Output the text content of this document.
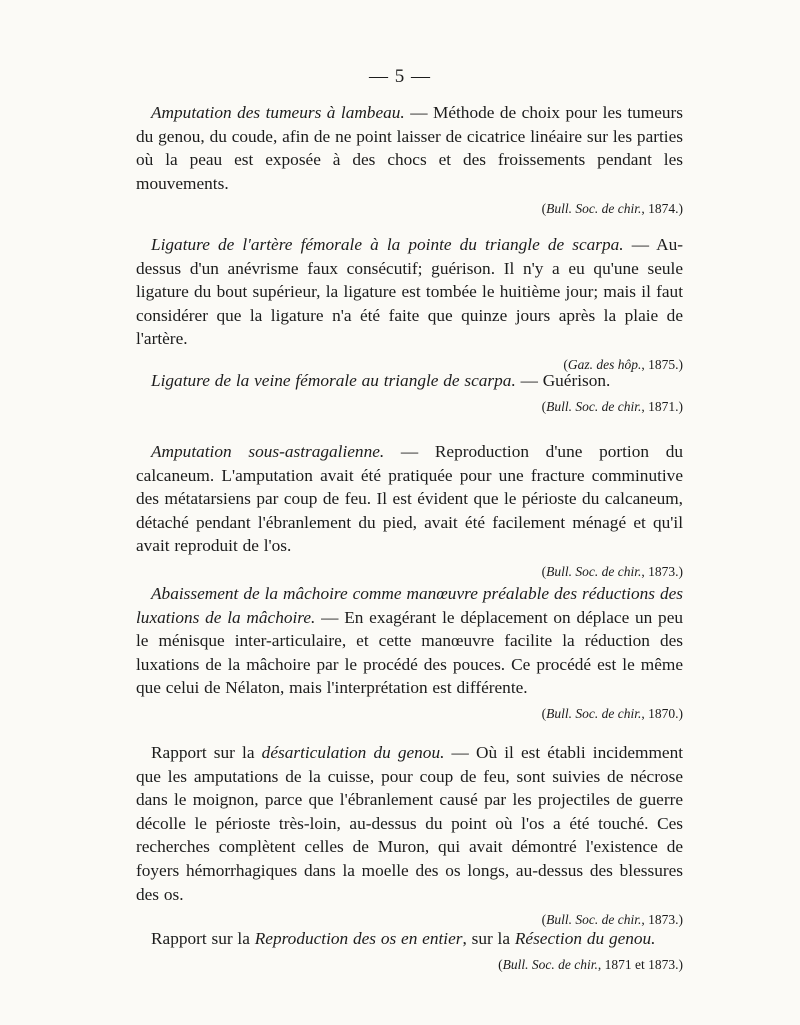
— 5 —

Amputation des tumeurs à lambeau. — Méthode de choix pour les tumeurs du genou, du coude, afin de ne point laisser de cicatrice linéaire sur les parties où la peau est exposée à des chocs et des froissements pendant les mouvements.

(Bull. Soc. de chir., 1874.)

Ligature de l'artère fémorale à la pointe du triangle de scarpa. — Au-dessus d'un anévrisme faux consécutif; guérison. Il n'y a eu qu'une seule ligature du bout supérieur, la ligature est tombée le huitième jour; mais il faut considérer que la ligature n'a été faite que quinze jours après la plaie de l'artère.

(Gaz. des hôp., 1875.)

Ligature de la veine fémorale au triangle de scarpa. — Guérison.

(Bull. Soc. de chir., 1871.)

Amputation sous-astragalienne. — Reproduction d'une portion du calcaneum. L'amputation avait été pratiquée pour une fracture comminutive des métatarsiens par coup de feu. Il est évident que le périoste du calcaneum, détaché pendant l'ébranlement du pied, avait été facilement ménagé et qu'il avait reproduit de l'os.

(Bull. Soc. de chir., 1873.)

Abaissement de la mâchoire comme manœuvre préalable des réductions des luxations de la mâchoire. — En exagérant le déplacement on déplace un peu le ménisque inter-articulaire, et cette manœuvre facilite la réduction des luxations de la mâchoire par le procédé des pouces. Ce procédé est le même que celui de Nélaton, mais l'interprétation est différente.

(Bull. Soc. de chir., 1870.)

Rapport sur la désarticulation du genou. — Où il est établi incidemment que les amputations de la cuisse, pour coup de feu, sont suivies de nécrose dans le moignon, parce que l'ébranlement causé par les projectiles de guerre décolle le périoste très-loin, au-dessus du point où l'os a été touché. Ces recherches complètent celles de Muron, qui avait démontré l'existence de foyers hémorrhagiques dans la moelle des os longs, au-dessus des blessures des os.

(Bull. Soc. de chir., 1873.)

Rapport sur la Reproduction des os en entier, sur la Résection du genou.

(Bull. Soc. de chir., 1871 et 1873.)
